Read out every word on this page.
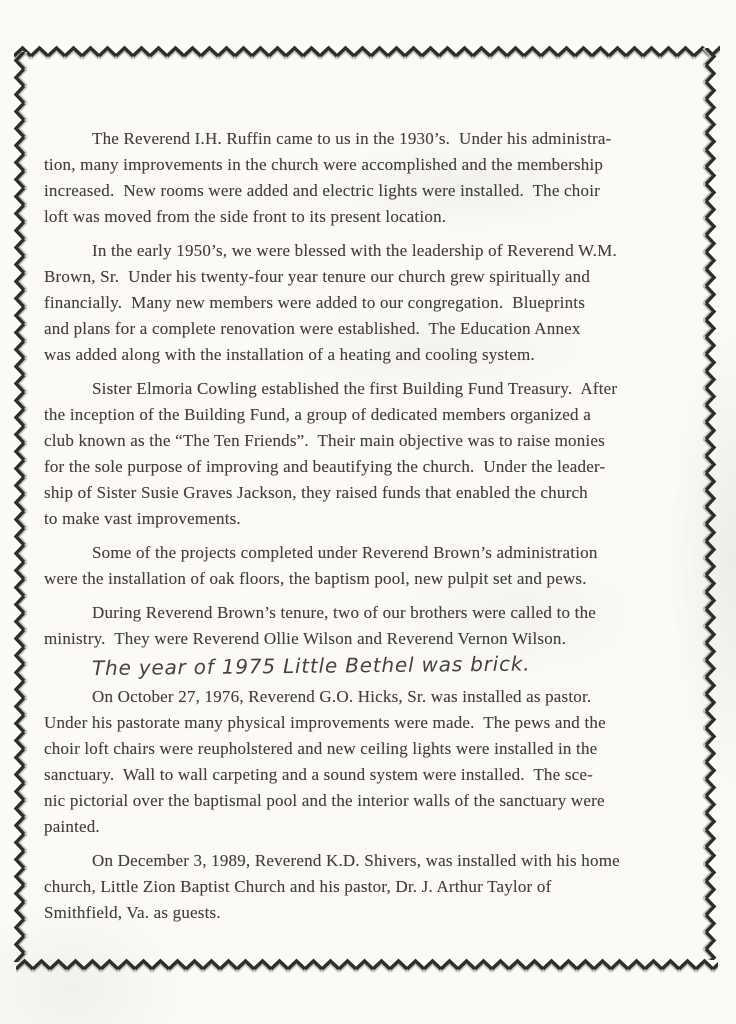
The Reverend I.H. Ruffin came to us in the 1930’s.  Under his administra-
tion, many improvements in the church were accomplished and the membership
increased.  New rooms were added and electric lights were installed.  The choir
loft was moved from the side front to its present location.

In the early 1950’s, we were blessed with the leadership of Reverend W.M.
Brown, Sr.  Under his twenty-four year tenure our church grew spiritually and
financially.  Many new members were added to our congregation.  Blueprints
and plans for a complete renovation were established.  The Education Annex
was added along with the installation of a heating and cooling system.

Sister Elmoria Cowling established the first Building Fund Treasury.  After
the inception of the Building Fund, a group of dedicated members organized a
club known as the “The Ten Friends”.  Their main objective was to raise monies
for the sole purpose of improving and beautifying the church.  Under the leader-
ship of Sister Susie Graves Jackson, they raised funds that enabled the church
to make vast improvements.

Some of the projects completed under Reverend Brown’s administration
were the installation of oak floors, the baptism pool, new pulpit set and pews.

During Reverend Brown’s tenure, two of our brothers were called to the
ministry.  They were Reverend Ollie Wilson and Reverend Vernon Wilson.

The year of 1975 Little Bethel was brick.

On October 27, 1976, Reverend G.O. Hicks, Sr. was installed as pastor.
Under his pastorate many physical improvements were made.  The pews and the
choir loft chairs were reupholstered and new ceiling lights were installed in the
sanctuary.  Wall to wall carpeting and a sound system were installed.  The sce-
nic pictorial over the baptismal pool and the interior walls of the sanctuary were
painted.

On December 3, 1989, Reverend K.D. Shivers, was installed with his home
church, Little Zion Baptist Church and his pastor, Dr. J. Arthur Taylor of
Smithfield, Va. as guests.
